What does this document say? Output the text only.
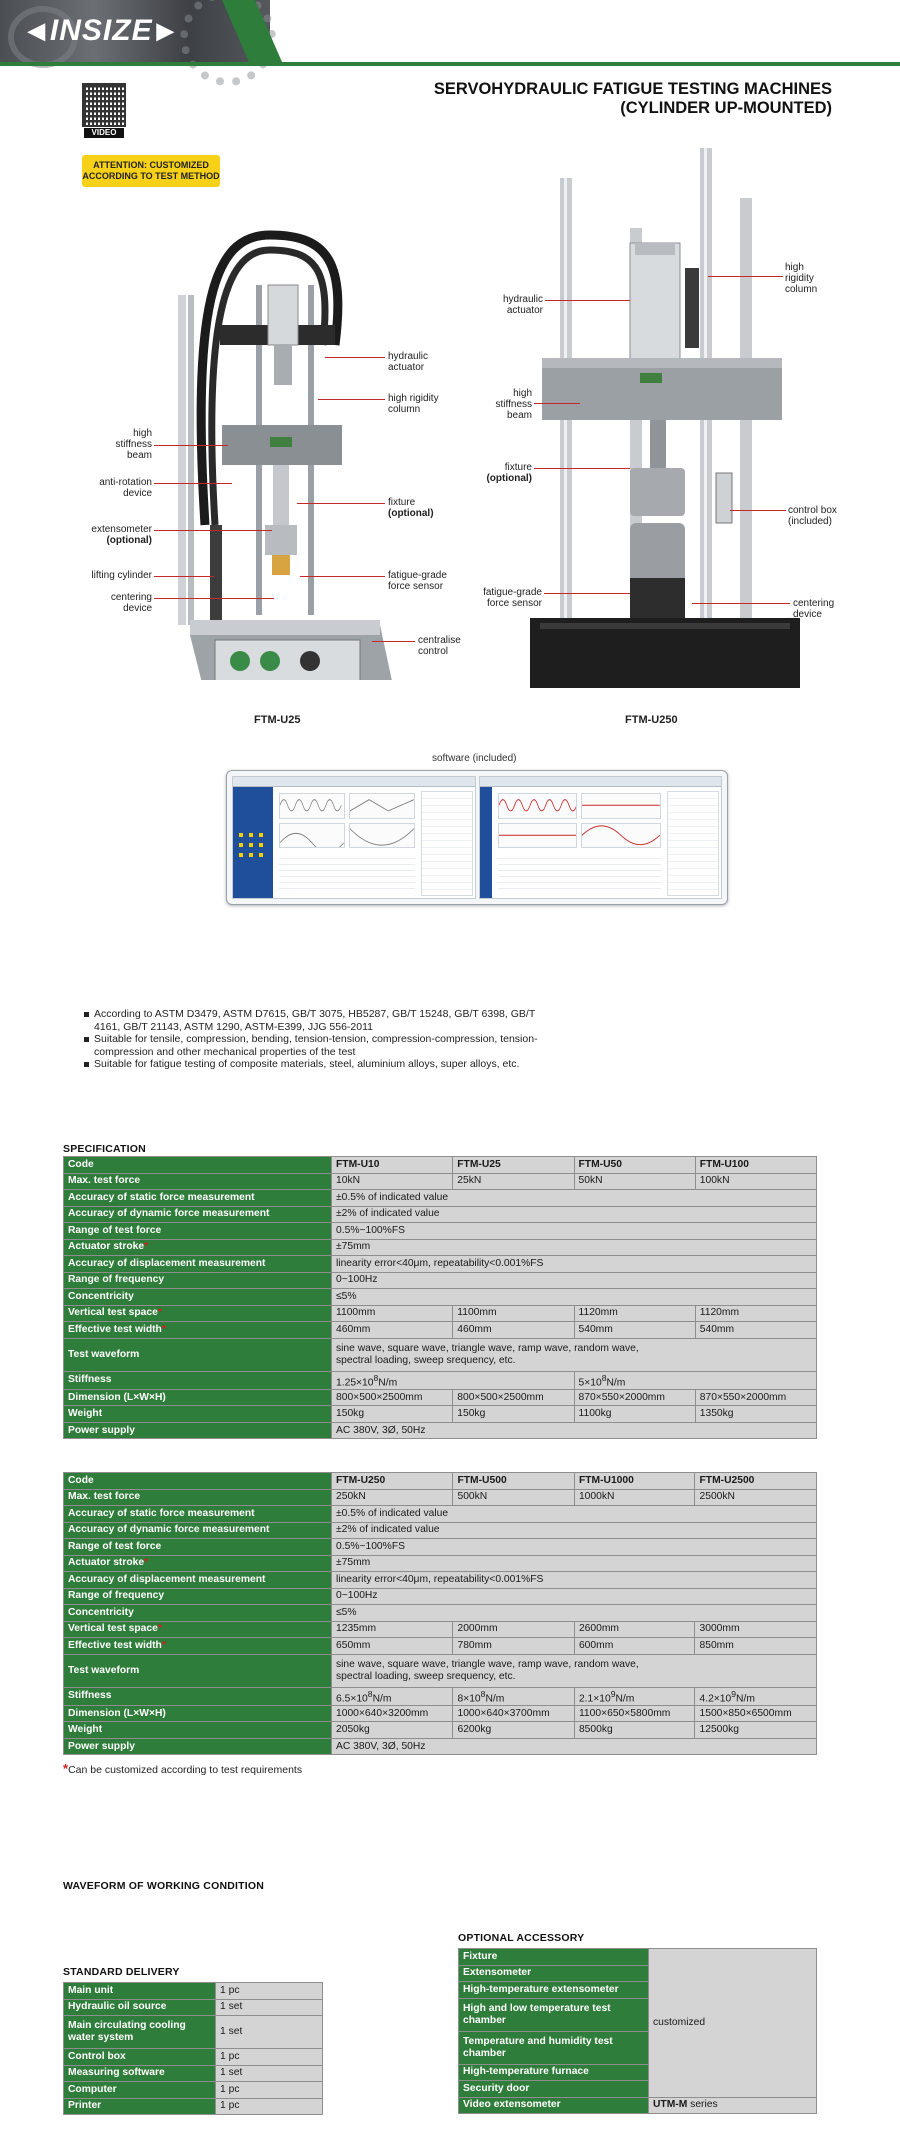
◀ INSIZE ▶
VIDEO
SERVOHYDRAULIC FATIGUE TESTING MACHINES
(CYLINDER UP-MOUNTED)
ATTENTION: CUSTOMIZED
ACCORDING TO TEST METHOD
hydraulic
actuator
high rigidity
column
high
stiffness
beam
anti-rotation
device
extensometer
(optional)
fixture
(optional)
lifting cylinder	fatigue-grade
force sensor
centering
device
centralise
control
FTM-U25
high
rigidity
column
hydraulic
actuator
high
stiffness
beam
fixture
(optional)
control box
(included)
fatigue-grade
force sensor	centering
device
FTM-U250
software (included)
According to ASTM D3479, ASTM D7615, GB/T 3075, HB5287, GB/T 15248, GB/T 6398, GB/T 4161, GB/T 21143, ASTM 1290, ASTM-E399, JJG 556-2011
Suitable for tensile, compression, bending, tension-tension, compression-compression, tension-compression and other mechanical properties of the test
Suitable for fatigue testing of composite materials, steel, aluminium alloys, super alloys, etc.
SPECIFICATION
Code	FTM-U10	FTM-U25	FTM-U50	FTM-U100
Max. test force	10kN	25kN	50kN	100kN
Accuracy of static force measurement	±0.5% of indicated value			
Accuracy of dynamic force measurement	±2% of indicated value			
Range of test force	0.5%~100%FS			
Actuator stroke*	±75mm			
Accuracy of displacement measurement	linearity error<40μm, repeatability<0.001%FS			
Range of frequency	0~100Hz			
Concentricity	≤5%			
Vertical test space*	1100mm	1100mm	1120mm	1120mm
Effective test width*	460mm	460mm	540mm	540mm
Test waveform	sine wave, square wave, triangle wave, ramp wave, random wave,
spectral loading, sweep srequency, etc.			

Stiffness	$1.25\times 10^8N/m$		$5\times 10^8N/m$	
Dimension (L×W×H)	800×500×2500mm	800×500×2500mm	870×550×2000mm	870×550×2000mm
Weight	150kg	150kg	1100kg	1350kg
Power supply	AC 380V, 3Ø, 50Hz			
Code	FTM-U250	FTM-U500	FTM-U1000	FTM-U2500
Max. test force	250kN	500kN	1000kN	2500kN
Accuracy of static force measurement	±0.5% of indicated value			
Accuracy of dynamic force measurement	±2% of indicated value			
Range of test force	0.5%~100%FS			
Actuator stroke*	±75mm			
Accuracy of displacement measurement	linearity error<40μm, repeatability<0.001%FS			
Range of frequency	0~100Hz			
Concentricity	≤5%			
Vertical test space*	1235mm	2000mm	2600mm	3000mm
Effective test width*	650mm	780mm	600mm	850mm
Test waveform	sine wave, square wave, triangle wave, ramp wave, random wave,
spectral loading, sweep srequency, etc.			

Stiffness	$6.5\times 10^8N/m$	$8\times 10^8N/m$	$2.1\times 10^9N/m$	$4.2\times 10^9N/m$
Dimension (L×W×H)	1000×640×3200mm	1000×640×3700mm	1100×650×5800mm	1500×850×6500mm
Weight	2050kg	6200kg	8500kg	12500kg
Power supply	AC 380V, 3Ø, 50Hz			
*Can be customized according to test requirements
WAVEFORM OF WORKING CONDITION
OPTIONAL ACCESSORY
Fixture	customized
Extensometer	
High-temperature extensometer	
High and low temperature test chamber	
Temperature and humidity test chamber	
High-temperature furnace	
Security door	
Video extensometer	UTM-M series
STANDARD DELIVERY
Main unit	1 pc
Hydraulic oil source	1 set
Main circulating cooling water system	1 set
Control box	1 pc
Measuring software	1 set
Computer	1 pc
Printer	1 pc
